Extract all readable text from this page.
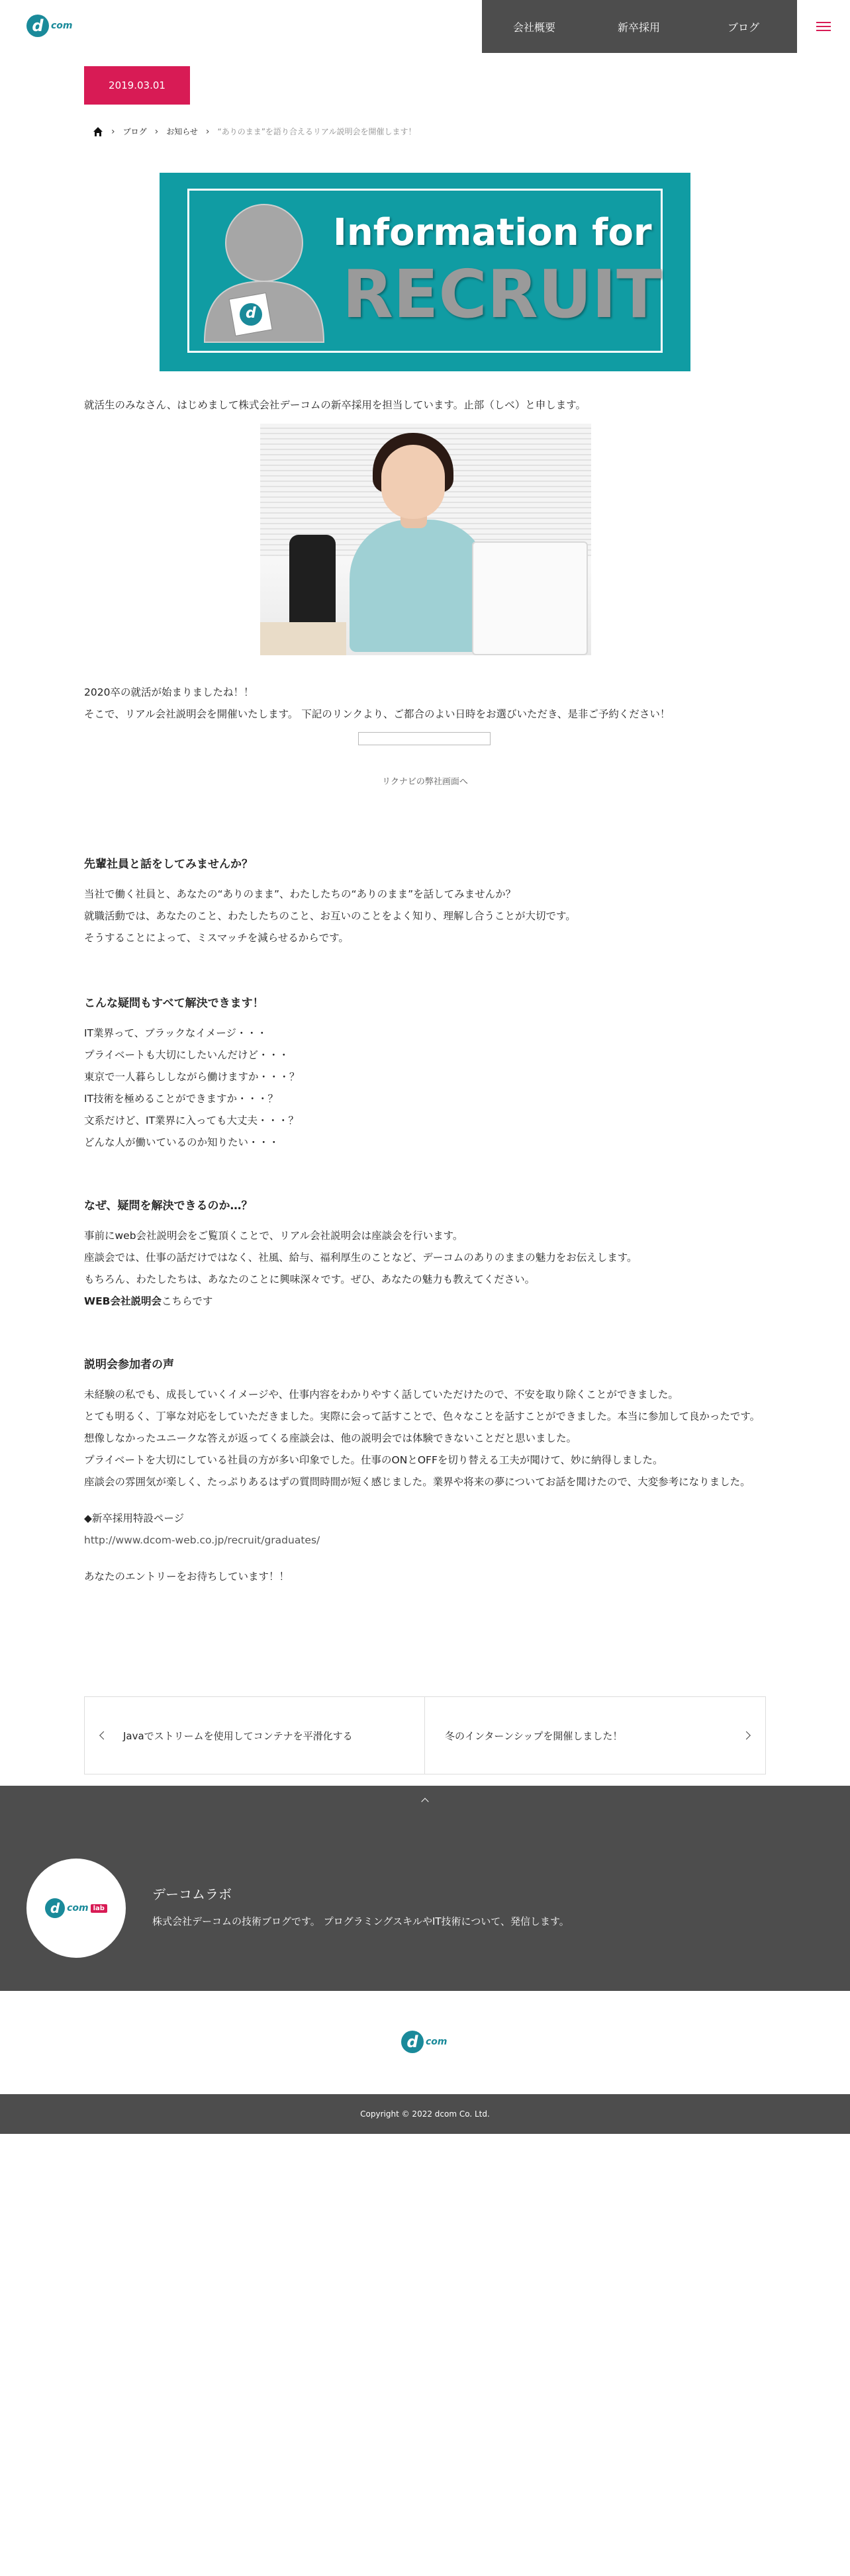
d com	会社概要	新卒採用	ブログ
2019.03.01
› ブログ › お知らせ › “ありのまま”を語り合えるリアル説明会を開催します！
d
Information for
RECRUIT

就活生のみなさん、はじめまして株式会社デーコムの新卒採用を担当しています。止部（しべ）と申します。

2020卒の就活が始まりましたね！！

そこで、リアル会社説明会を開催いたします。 下記のリンクより、ご都合のよい日時をお選びいただき、是非ご予約ください！

リクナビの弊社画面へ

先輩社員と話をしてみませんか？

当社で働く社員と、あなたの“ありのまま”、わたしたちの“ありのまま”を話してみませんか？

就職活動では、あなたのこと、わたしたちのこと、お互いのことをよく知り、理解し合うことが大切です。

そうすることによって、ミスマッチを減らせるからです。

こんな疑問もすべて解決できます！

IT業界って、ブラックなイメージ・・・

プライベートも大切にしたいんだけど・・・

東京で一人暮らししながら働けますか・・・？

IT技術を極めることができますか・・・？

文系だけど、IT業界に入っても大丈夫・・・？

どんな人が働いているのか知りたい・・・

なぜ、疑問を解決できるのか…？

事前にweb会社説明会をご覧頂くことで、リアル会社説明会は座談会を行います。

座談会では、仕事の話だけではなく、社風、給与、福利厚生のことなど、デーコムのありのままの魅力をお伝えします。

もちろん、わたしたちは、あなたのことに興味深々です。ぜひ、あなたの魅力も教えてください。

WEB会社説明会こちらです

説明会参加者の声

未経験の私でも、成長していくイメージや、仕事内容をわかりやすく話していただけたので、不安を取り除くことができました。

とても明るく、丁寧な対応をしていただきました。実際に会って話すことで、色々なことを話すことができました。本当に参加して良かったです。

想像しなかったユニークな答えが返ってくる座談会は、他の説明会では体験できないことだと思いました。

プライベートを大切にしている社員の方が多い印象でした。仕事のONとOFFを切り替える工夫が聞けて、妙に納得しました。

座談会の雰囲気が楽しく、たっぷりあるはずの質問時間が短く感じました。業界や将来の夢についてお話を聞けたので、大変参考になりました。

◆新卒採用特設ページ

http://www.dcom-web.co.jp/recruit/graduates/

あなたのエントリーをお待ちしています！！

Javaでストリームを使用してコンテナを平滑化する	冬のインターンシップを開催しました！
d com lab
デーコムラボ
株式会社デーコムの技術ブログです。 プログラミングスキルやIT技術について、発信します。
d com
Copyright © 2022 dcom Co. Ltd.
